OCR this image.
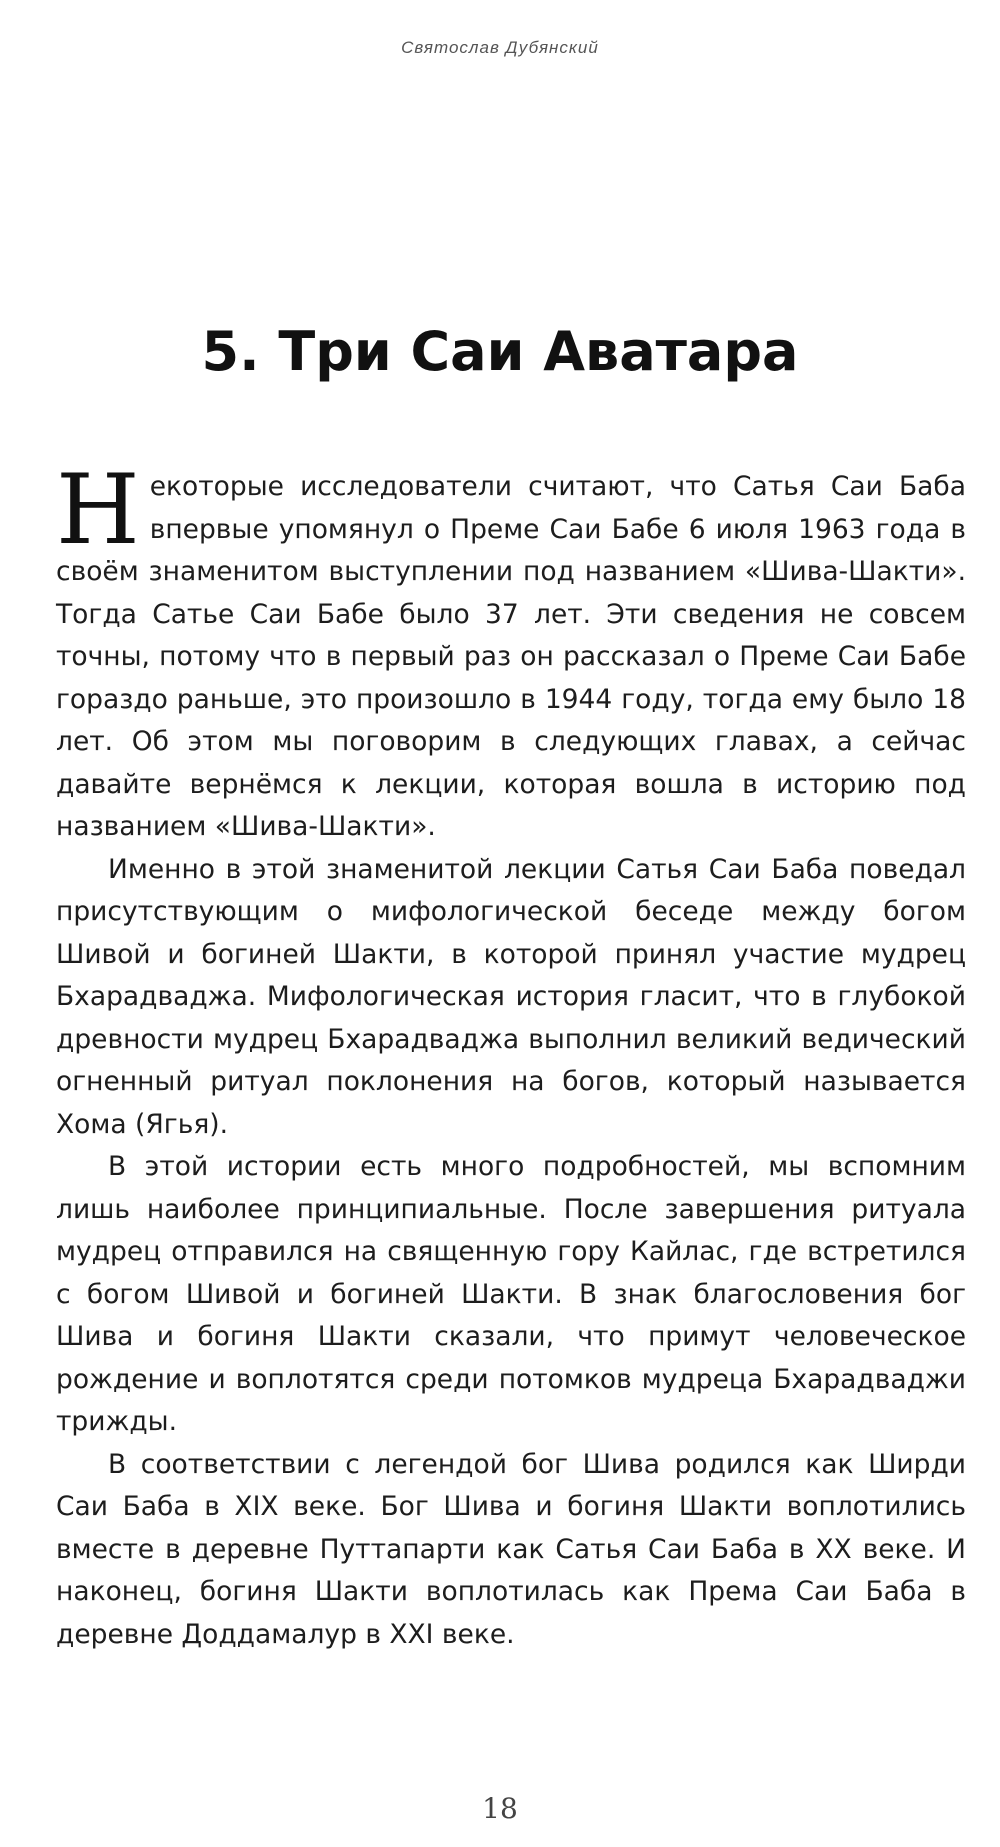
Святослав Дубянский
5. Три Саи Аватара

Некоторые исследователи считают, что Сатья Саи Баба впервые упомянул о Преме Саи Бабе 6 июля 1963 года в своём знаменитом выступлении под названием «Шива-Шакти». Тогда Сатье Саи Бабе было 37 лет. Эти сведения не совсем точны, потому что в первый раз он рассказал о Преме Саи Бабе гораздо раньше, это произошло в 1944 году, тогда ему было 18 лет. Об этом мы поговорим в следующих главах, а сейчас давайте вернёмся к лекции, которая вошла в историю под названием «Шива-Шакти».

Именно в этой знаменитой лекции Сатья Саи Баба поведал присутствующим о мифологической беседе между богом Шивой и богиней Шакти, в которой принял участие мудрец Бхарадваджа. Мифологическая история гласит, что в глубокой древности мудрец Бхарадваджа выполнил великий ведический огненный ритуал поклонения на богов, который называется Хома (Ягья).

В этой истории есть много подробностей, мы вспомним лишь наиболее принципиальные. После завершения ритуала мудрец отправился на священную гору Кайлас, где встретился с богом Шивой и богиней Шакти. В знак благословения бог Шива и богиня Шакти сказали, что примут человеческое рождение и воплотятся среди потомков мудреца Бхарадваджи трижды.

В соответствии с легендой бог Шива родился как Ширди Саи Баба в XIX веке. Бог Шива и богиня Шакти воплотились вместе в деревне Путтапарти как Сатья Саи Баба в XX веке. И наконец, богиня Шакти воплотилась как Према Саи Баба в деревне Доддамалур в XXI веке.

18
